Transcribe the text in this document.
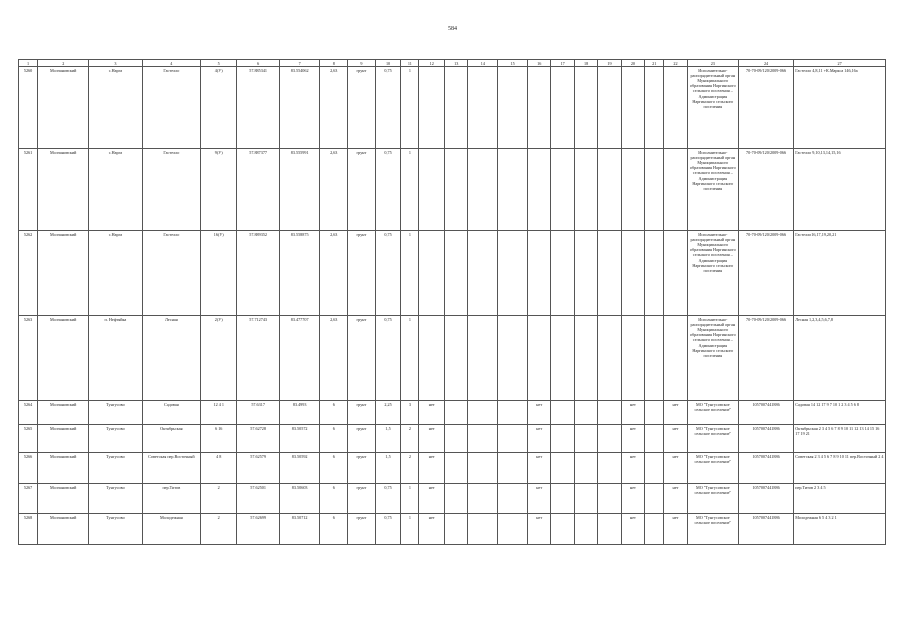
584
1	2	3	4	5	6	7	8	9	10	11	12	13	14	15	16	17	18	19	20	21	22	23	24	27
5260	Молчановский	с.Нарга	Гастелло	4(У)	57.885341	83.554062	2,63	грунт	0,75	1												Исполнительно-распорядительный орган Муниципального образования Наргинского сельского поселения – Администрация Наргинского сельского поселения	70-70-09/120/2009-066	Гастелло 4,8,11 +К.Маркса 146,16а
5261	Молчановский	с.Нарга	Гастелло	9(У)	57.887377	83.555991	2,63	грунт	0,75	1												Исполнительно-распорядительный орган Муниципального образования Наргинского сельского поселения – Администрация Наргинского сельского поселения	70-70-09/120/2009-066	Гастелло 9,10,13,14,15,16
5262	Молчановский	с.Нарга	Гастелло	16(У)	57.889352	83.558875	2,63	грунт	0,75	1												Исполнительно-распорядительный орган Муниципального образования Наргинского сельского поселения – Администрация Наргинского сельского поселения	70-70-09/120/2009-066	Гастелло16,17,19,20,21
5263	Молчановский	п. Нефтяйка	Лесная	2(У)	57.712743	83.477707	2,63	грунт	0,75	1												Исполнительно-распорядительный орган Муниципального образования Наргинского сельского поселения – Администрация Наргинского сельского поселения	70-70-09/120/2009-066	Лесная 1,2,3,4,5,6,7,8
5264	Молчановский	Тунгусово	Садовая	12 4 1	57.6317	83.4993	6	грунт	2,25	3	нет				нет				нет		нет	МО "Тунгусовское сельское поселение"	1057007441886	Садовая 14 12 17 9 7 10 1 2 3 4 5 6 8
5265	Молчановский	Тунгусово	Октябрьская	6 16	57.62728	83.50572	6	грунт	1,5	2	нет				нет				нет		нет	МО "Тунгусовское сельское поселение"	1057007441886	Октябрьская 2 3 4 5 6 7 8 9 10 11 12 13 14 15 16 17 19 21
5266	Молчановский	Тунгусово	Советская пер.Восточный	4 8	57.62579	83.50592	6	грунт	1,5	2	нет				нет				нет		нет	МО "Тунгусовское сельское поселение"	1057007441886	Советская 2 3 4 5 6 7 8 9 10 11 пер.Восточный 2 4
5267	Молчановский	Тунгусово	пер.Титов	2	57.62501	83.50603	6	грунт	0,75	1	нет				нет				нет		нет	МО "Тунгусовское сельское поселение"	1057007441886	пер.Титов 2 3 4 5
5268	Молчановский	Тунгусово	Молодежная	2	57.62699	83.50712	6	грунт	0,75	1	нет				нет				нет		нет	МО "Тунгусовское сельское поселение"	1057007441886	Молодежная 6 5 4 3 2 1
